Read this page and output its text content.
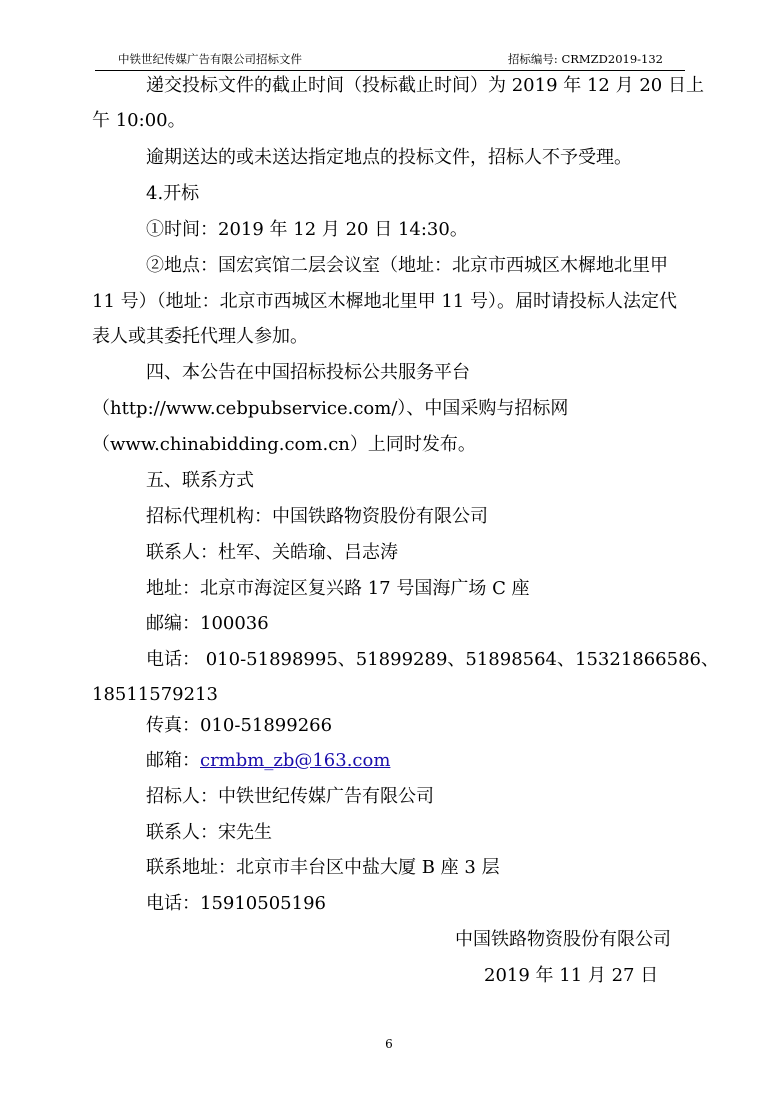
中铁世纪传媒广告有限公司招标文件	招标编号: CRMZD2019-132
递交投标文件的截止时间（投标截止时间）为 2019 年 12 月 20 日上
午 10:00。
逾期送达的或未送达指定地点的投标文件，招标人不予受理。
4.开标
①时间：2019 年 12 月 20 日 14:30。
②地点：国宏宾馆二层会议室（地址：北京市西城区木樨地北里甲
11 号）（地址：北京市西城区木樨地北里甲 11 号）。届时请投标人法定代
表人或其委托代理人参加。
四、本公告在中国招标投标公共服务平台
（http://www.cebpubservice.com/）、中国采购与招标网
（www.chinabidding.com.cn）上同时发布。
五、联系方式
招标代理机构：中国铁路物资股份有限公司
联系人：杜军、关皓瑜、吕志涛
地址：北京市海淀区复兴路 17 号国海广场 C 座
邮编：100036
电话： 010-51898995、51899289、51898564、15321866586、
18511579213
传真：010-51899266
邮箱：crmbm_zb@163.com
招标人：中铁世纪传媒广告有限公司
联系人：宋先生
联系地址：北京市丰台区中盐大厦 B 座 3 层
电话：15910505196
中国铁路物资股份有限公司
2019 年 11 月 27 日
6
